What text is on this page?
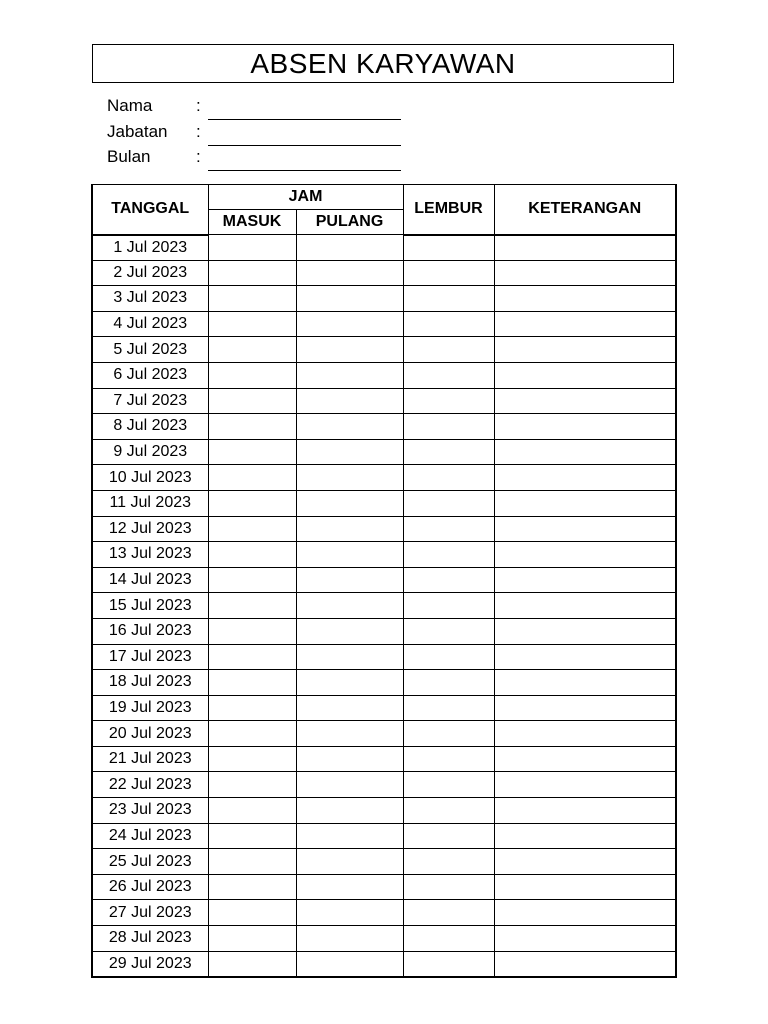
ABSEN KARYAWAN
Nama	:
Jabatan :
Bulan	:
TANGGAL	JAM		LEMBUR	KETERANGAN
	MASUK	PULANG		
1 Jul 2023				
2 Jul 2023				
3 Jul 2023				
4 Jul 2023				
5 Jul 2023				
6 Jul 2023				
7 Jul 2023				
8 Jul 2023				
9 Jul 2023				
10 Jul 2023				
11 Jul 2023				
12 Jul 2023				
13 Jul 2023				
14 Jul 2023				
15 Jul 2023				
16 Jul 2023				
17 Jul 2023				
18 Jul 2023				
19 Jul 2023				
20 Jul 2023				
21 Jul 2023				
22 Jul 2023				
23 Jul 2023				
24 Jul 2023				
25 Jul 2023				
26 Jul 2023				
27 Jul 2023				
28 Jul 2023				
29 Jul 2023				
